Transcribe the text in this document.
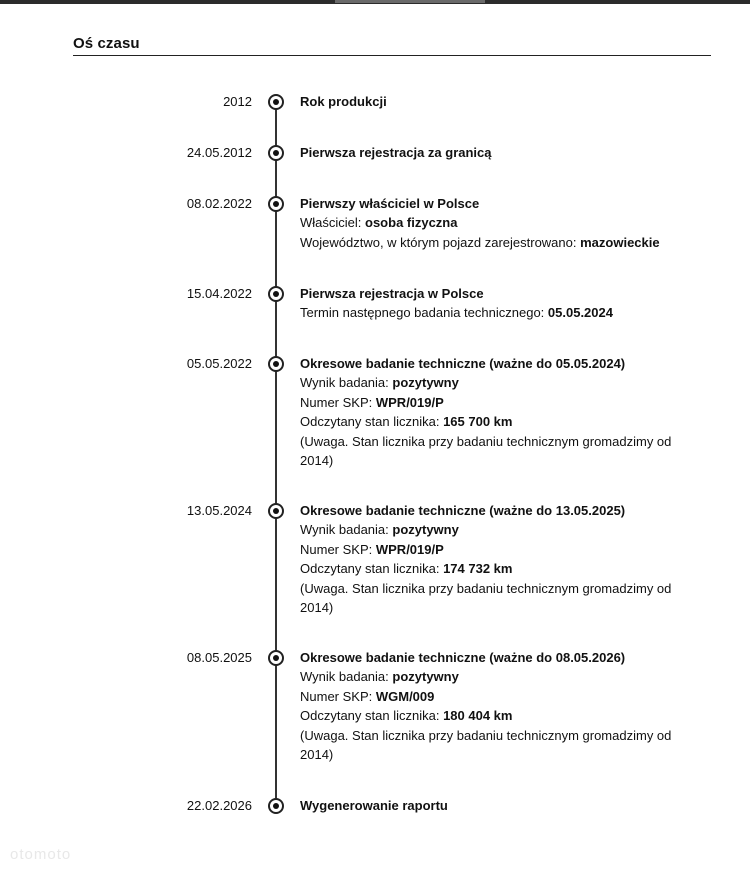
Oś czasu
2012	Rok produkcji
24.05.2012	Pierwsza rejestracja za granicą
08.02.2022	Pierwszy właściciel w Polsce
Właściciel: osoba fizyczna
Województwo, w którym pojazd zarejestrowano: mazowieckie
15.04.2022	Pierwsza rejestracja w Polsce
Termin następnego badania technicznego: 05.05.2024
05.05.2022	Okresowe badanie techniczne (ważne do 05.05.2024)
Wynik badania: pozytywny
Numer SKP: WPR/019/P
Odczytany stan licznika: 165 700 km
(Uwaga. Stan licznika przy badaniu technicznym gromadzimy od 2014)
13.05.2024	Okresowe badanie techniczne (ważne do 13.05.2025)
Wynik badania: pozytywny
Numer SKP: WPR/019/P
Odczytany stan licznika: 174 732 km
(Uwaga. Stan licznika przy badaniu technicznym gromadzimy od 2014)
08.05.2025	Okresowe badanie techniczne (ważne do 08.05.2026)
Wynik badania: pozytywny
Numer SKP: WGM/009
Odczytany stan licznika: 180 404 km
(Uwaga. Stan licznika przy badaniu technicznym gromadzimy od 2014)
22.02.2026	Wygenerowanie raportu
otomoto
